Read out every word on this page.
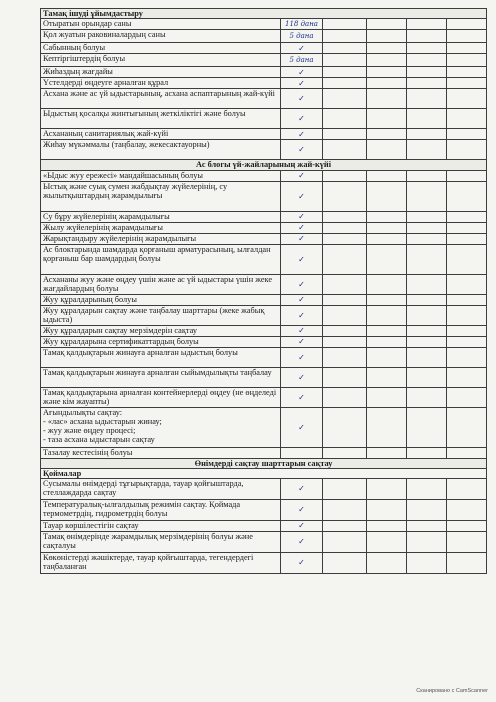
Тамақ ішуді ұйымдастыру					
Отыратын орындар саны	118 дана				
Қол жуатын раковиналардың саны	5 дана				
Сабынның болуы	✓				
Кептіргіштердің болуы	5 дана				
Жиһаздың жағдайы	✓				
Үстелдерді өңдеуге арналған құрал	✓				
Асхана және ас үй ыдыстарының, асхана аспаптарының жай-күйі	✓				
Ыдыстың қосалқы жинтығының жеткіліктігі және болуы	✓				
Асхананың санитариялық жай-күйі	✓				
Жиһау мүкәммалы (таңбалау, жекесактауорны)	✓				
Ас блогы үй-жайларының жай-күйі					
«Ыдыс жуу ережесі» мандайшасының болуы	✓				
Ыстық және суық сумен жабдықтау жүйелерінің, су жылытқыштардың жарамдылығы	✓				
Су бұру жүйелерінің жарамдылығы	✓				
Жылу жүйелерінің жарамдылығы	✓				
Жарықтандыру жүйелерінің жарамдылығы	✓				
Ас блоктарында шамдарда қорғаныш арматурасының, ылғалдан қорғаныш бар шамдардың болуы	✓				
Асхананы жуу және өңдеу үшін және ас үй ыдыстары үшін жеке жағдайлардың болуы	✓				
Жуу құралдарының болуы	✓				
Жуу құралдарын сақтау және таңбалау шарттары (жеке жабық ыдыста)	✓				
Жуу құралдарын сақтау мерзімдерін сақтау	✓				
Жуу құралдарына сертификаттардың болуы	✓				
Тамақ қалдықтарын жинауға арналған ыдыстың болуы	✓				
Тамақ қалдықтарын жинауға арналған сыйымдылықты таңбалау	✓				
Тамақ қалдықтарына арналған контейнерлерді өңдеу (не өңделеді және кім жауапты)	✓				
Ағындылықты сақтау:
- «лас» асхана ыдыстарын жинау;
- жуу және өңдеу процесі;
- таза асхана ыдыстарын сақтау	✓				
Тазалау кестесінің болуы					
Өнімдерді сақтау шарттарын сақтау					
Қоймалар					
Сусымалы өнімдерді тұғырықтарда, тауар қойғыштарда, стеллаждарда сақтау	✓				
Температуралық-ылғалдылық режимін сақтау. Қоймада термометрдің, гидрометрдің болуы	✓				
Тауар көршілестігін сақтау	✓				
Тамақ өнімдерінде жарамдылық мерзімдерінің болуы және сақталуы	✓				
Көкөністерді жәшіктерде, тауар қойғыштарда, тегендердегі таңбаланған	✓				
Сканировано с CamScanner
